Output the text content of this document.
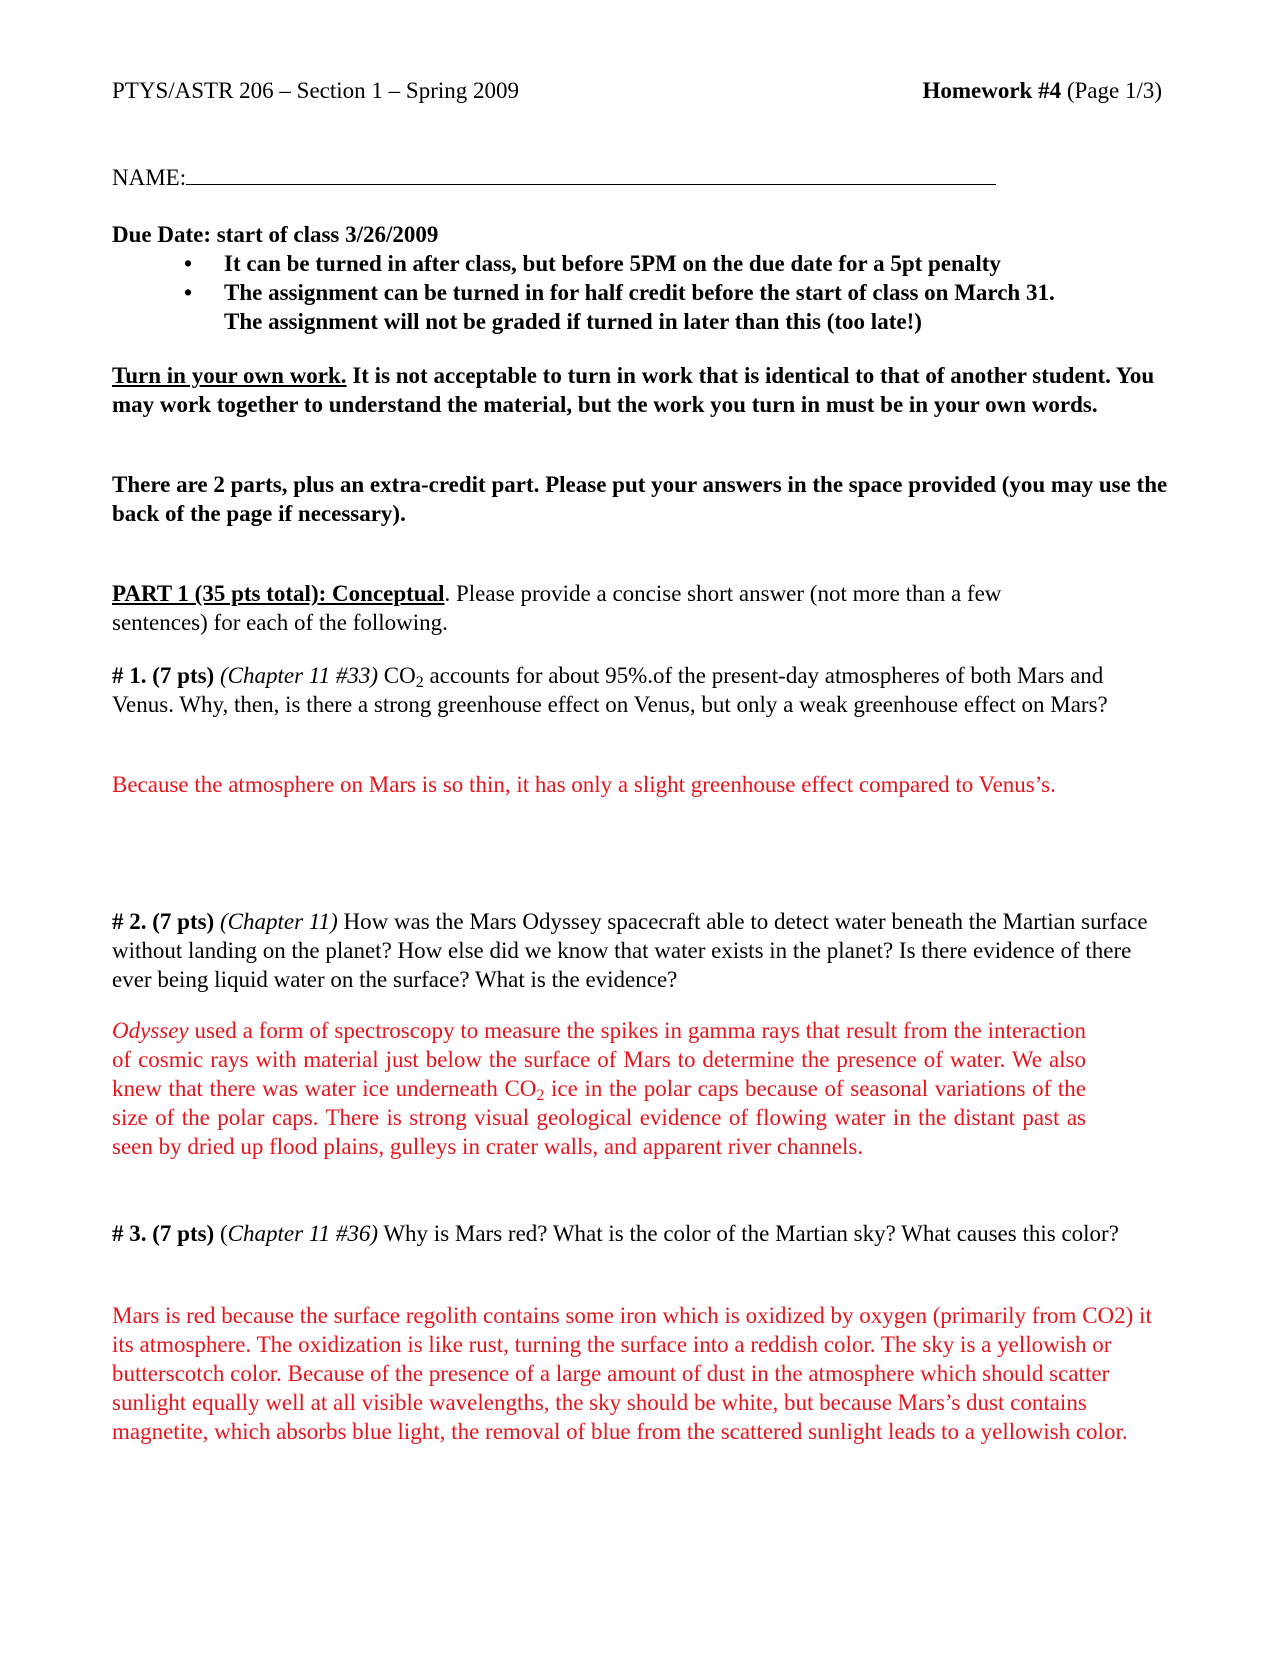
PTYS/ASTR 206 – Section 1 – Spring 2009	Homework #4 (Page 1/3)
NAME:
Due Date: start of class 3/26/2009
• It can be turned in after class, but before 5PM on the due date for a 5pt penalty
• The assignment can be turned in for half credit before the start of class on March 31. The assignment will not be graded if turned in later than this (too late!)
Turn in your own work. It is not acceptable to turn in work that is identical to that of another student. You may work together to understand the material, but the work you turn in must be in your own words.
There are 2 parts, plus an extra-credit part. Please put your answers in the space provided (you may use the back of the page if necessary).
PART 1 (35 pts total): Conceptual. Please provide a concise short answer (not more than a few sentences) for each of the following.
# 1. (7 pts) (Chapter 11 #33) $CO_2$ accounts for about 95%.of the present-day atmospheres of both Mars and Venus. Why, then, is there a strong greenhouse effect on Venus, but only a weak greenhouse effect on Mars?
Because the atmosphere on Mars is so thin, it has only a slight greenhouse effect compared to Venus’s.
# 2. (7 pts) (Chapter 11) How was the Mars Odyssey spacecraft able to detect water beneath the Martian surface without landing on the planet? How else did we know that water exists in the planet? Is there evidence of there ever being liquid water on the surface? What is the evidence?
Odyssey used a form of spectroscopy to measure the spikes in gamma rays that result from the interaction of cosmic rays with material just below the surface of Mars to determine the presence of water. We also knew that there was water ice underneath $CO_2$ ice in the polar caps because of seasonal variations of the size of the polar caps. There is strong visual geological evidence of flowing water in the distant past as seen by dried up flood plains, gulleys in crater walls, and apparent river channels.
# 3. (7 pts) (Chapter 11 #36) Why is Mars red? What is the color of the Martian sky? What causes this color?
Mars is red because the surface regolith contains some iron which is oxidized by oxygen (primarily from CO2) it its atmosphere. The oxidization is like rust, turning the surface into a reddish color. The sky is a yellowish or butterscotch color. Because of the presence of a large amount of dust in the atmosphere which should scatter sunlight equally well at all visible wavelengths, the sky should be white, but because Mars’s dust contains magnetite, which absorbs blue light, the removal of blue from the scattered sunlight leads to a yellowish color.
